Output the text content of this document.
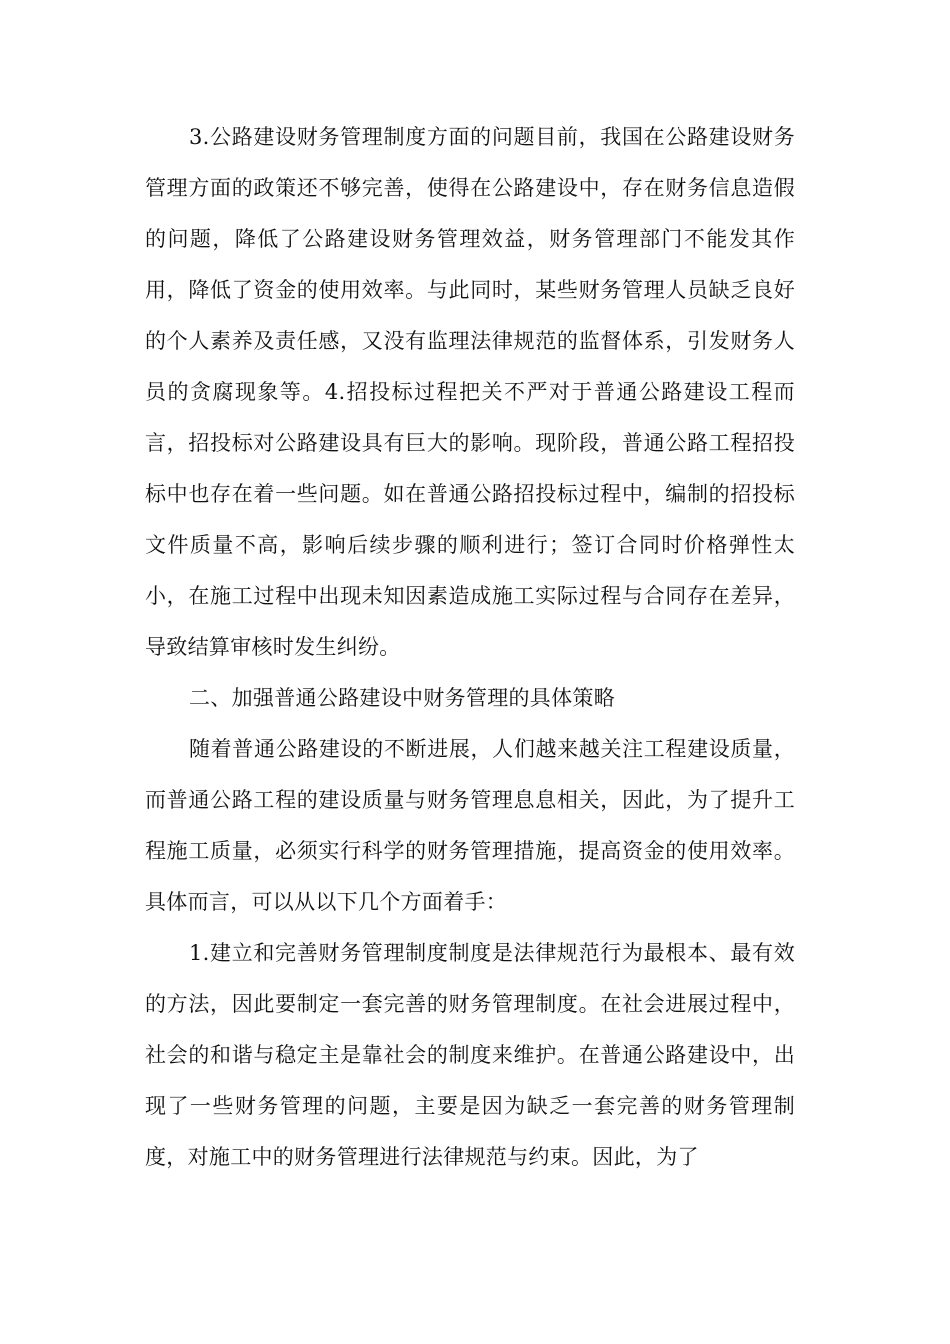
3.公路建设财务管理制度方面的问题目前，我国在公路建设财务管理方面的政策还不够完善，使得在公路建设中，存在财务信息造假的问题，降低了公路建设财务管理效益，财务管理部门不能发其作用，降低了资金的使用效率。与此同时，某些财务管理人员缺乏良好的个人素养及责任感，又没有监理法律规范的监督体系，引发财务人员的贪腐现象等。4.招投标过程把关不严对于普通公路建设工程而言，招投标对公路建设具有巨大的影响。现阶段，普通公路工程招投标中也存在着一些问题。如在普通公路招投标过程中，编制的招投标文件质量不高，影响后续步骤的顺利进行；签订合同时价格弹性太小，在施工过程中出现未知因素造成施工实际过程与合同存在差异，导致结算审核时发生纠纷。

二、加强普通公路建设中财务管理的具体策略

随着普通公路建设的不断进展，人们越来越关注工程建设质量，而普通公路工程的建设质量与财务管理息息相关，因此，为了提升工程施工质量，必须实行科学的财务管理措施，提高资金的使用效率。具体而言，可以从以下几个方面着手：

1.建立和完善财务管理制度制度是法律规范行为最根本、最有效的方法，因此要制定一套完善的财务管理制度。在社会进展过程中，社会的和谐与稳定主是靠社会的制度来维护。在普通公路建设中，出现了一些财务管理的问题，主要是因为缺乏一套完善的财务管理制度，对施工中的财务管理进行法律规范与约束。因此，为了
